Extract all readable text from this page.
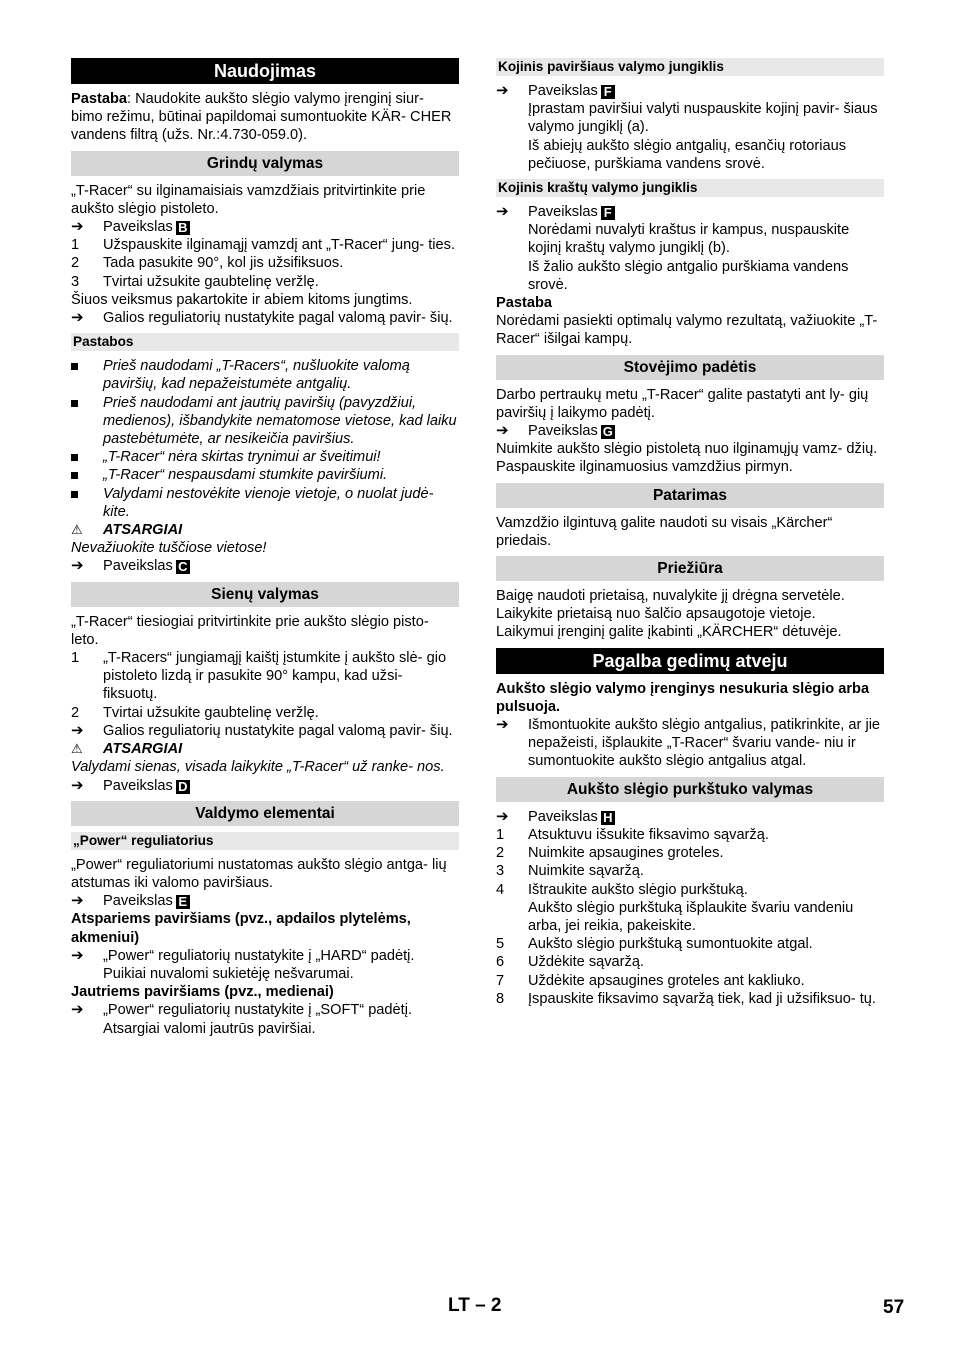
Naudojimas

Pastaba: Naudokite aukšto slėgio valymo įrenginį siur- bimo režimu, būtinai papildomai sumontuokite KÄR- CHER vandens filtrą (užs. Nr.:4.730-059.0).

Grindų valymas

„T-Racer“ su ilginamaisiais vamzdžiais pritvirtinkite prie aukšto slėgio pistoleto.

➔	Paveikslas B
1	Užspauskite ilginamąjį vamzdį ant „T-Racer“ jung- ties.
2	Tada pasukite 90°, kol jis užsifiksuos.
3	Tvirtai užsukite gaubtelinę veržlę.

Šiuos veiksmus pakartokite ir abiem kitoms jungtims.

➔	Galios reguliatorių nustatykite pagal valomą pavir- šių.
Pastabos
Prieš naudodami „T-Racers“, nušluokite valomą paviršių, kad nepažeistumėte antgalių.
Prieš naudodami ant jautrių paviršių (pavyzdžiui, medienos), išbandykite nematomose vietose, kad laiku pastebėtumėte, ar nesikeičia paviršius.
„T-Racer“ nėra skirtas trynimui ar šveitimui!
„T-Racer“ nespausdami stumkite paviršiumi.
Valydami nestovėkite vienoje vietoje, o nuolat judė- kite.
⚠	ATSARGIAI

Nevažiuokite tuščiose vietose!

➔	Paveikslas C
Sienų valymas

„T-Racer“ tiesiogiai pritvirtinkite prie aukšto slėgio pisto- leto.

1	„T-Racers“ jungiamąjį kaištį įstumkite į aukšto slė- gio pistoleto lizdą ir pasukite 90° kampu, kad užsi- fiksuotų.
2	Tvirtai užsukite gaubtelinę veržlę.
➔	Galios reguliatorių nustatykite pagal valomą pavir- šių.
⚠	ATSARGIAI

Valydami sienas, visada laikykite „T-Racer“ už ranke- nos.

➔	Paveikslas D
Valdymo elementai
„Power“ reguliatorius

„Power“ reguliatoriumi nustatomas aukšto slėgio antga- lių atstumas iki valomo paviršiaus.

➔	Paveikslas E

Atspariems paviršiams (pvz., apdailos plytelėms, akmeniui)

➔	„Power“ reguliatorių nustatykite į „HARD“ padėtį. Puikiai nuvalomi sukietėję nešvarumai.

Jautriems paviršiams (pvz., medienai)

➔	„Power“ reguliatorių nustatykite į „SOFT“ padėtį. Atsargiai valomi jautrūs paviršiai.
Kojinis paviršiaus valymo jungiklis
➔	Paveikslas F
Įprastam paviršiui valyti nuspauskite kojinį pavir- šiaus valymo jungiklį (a).
Iš abiejų aukšto slėgio antgalių, esančių rotoriaus pečiuose, purškiama vandens srovė.
Kojinis kraštų valymo jungiklis
➔	Paveikslas F
Norėdami nuvalyti kraštus ir kampus, nuspauskite kojinį kraštų valymo jungiklį (b).
Iš žalio aukšto slėgio antgalio purškiama vandens srovė.

Pastaba

Norėdami pasiekti optimalų valymo rezultatą, važiuokite „T-Racer“ išilgai kampų.

Stovėjimo padėtis

Darbo pertraukų metu „T-Racer“ galite pastatyti ant ly- gių paviršių į laikymo padėtį.

➔	Paveikslas G

Nuimkite aukšto slėgio pistoletą nuo ilginamųjų vamz- džių.

Paspauskite ilginamuosius vamzdžius pirmyn.

Patarimas

Vamzdžio ilgintuvą galite naudoti su visais „Kärcher“ priedais.

Priežiūra

Baigę naudoti prietaisą, nuvalykite jį drėgna servetėle.

Laikykite prietaisą nuo šalčio apsaugotoje vietoje.

Laikymui įrenginį galite įkabinti „KÄRCHER“ dėtuvėje.

Pagalba gedimų atveju

Aukšto slėgio valymo įrenginys nesukuria slėgio arba pulsuoja.

➔	Išmontuokite aukšto slėgio antgalius, patikrinkite, ar jie nepažeisti, išplaukite „T-Racer“ švariu vande- niu ir sumontuokite aukšto slėgio antgalius atgal.
Aukšto slėgio purkštuko valymas
➔	Paveikslas H
1	Atsuktuvu išsukite fiksavimo sąvaržą.
2	Nuimkite apsaugines groteles.
3	Nuimkite sąvaržą.
4	Ištraukite aukšto slėgio purkštuką.
Aukšto slėgio purkštuką išplaukite švariu vandeniu arba, jei reikia, pakeiskite.
5	Aukšto slėgio purkštuką sumontuokite atgal.
6	Uždėkite sąvaržą.
7	Uždėkite apsaugines groteles ant kakliuko.
8	Įspauskite fiksavimo sąvaržą tiek, kad ji užsifiksuo- tų.
LT – 2	57
